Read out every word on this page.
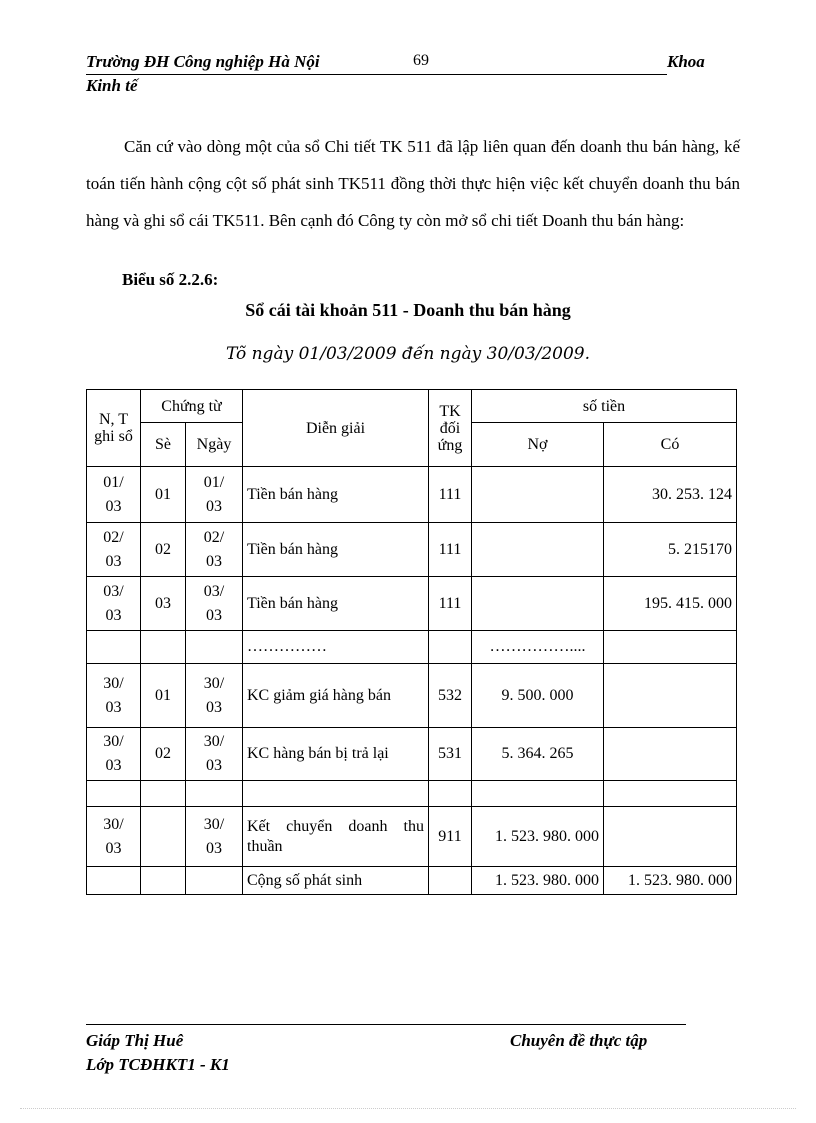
Trường ĐH Công nghiệp Hà Nội	69	Khoa
Kinh tế

Căn cứ vào dòng một của sổ Chi tiết TK 511 đã lập liên quan đến doanh thu bán hàng, kế toán tiến hành cộng cột số phát sinh TK511 đồng thời thực hiện việc kết chuyển doanh thu bán hàng và ghi sổ cái TK511. Bên cạnh đó Công ty còn mở sổ chi tiết Doanh thu bán hàng:

Biểu số 2.2.6:
Sổ cái tài khoản 511 - Doanh thu bán hàng
Tõ ngày 01/03/2009 đến ngày 30/03/2009.
N, T ghi sổ	Chứng từ		Diễn giải	TK đối ứng	số tiền	
	Sè	Ngày			Nợ	Có
01/
03	01	01/
03	Tiền bán hàng	111		30. 253. 124
02/
03	02	02/
03	Tiền bán hàng	111		5. 215170
03/
03	03	03/
03	Tiền bán hàng	111		195. 415. 000
			……………		……………....	
30/
03	01	30/
03	KC giảm giá hàng bán	532	9. 500. 000	
30/
03	02	30/
03	KC hàng bán bị trả lại	531	5. 364. 265	

30/
03		30/
03	Kết chuyển doanh thu thuần	911	1. 523. 980. 000	
			Cộng số phát sinh		1. 523. 980. 000	1. 523. 980. 000
Giáp Thị Huê	Chuyên đề thực tập
Lớp TCĐHKT1 - K1
